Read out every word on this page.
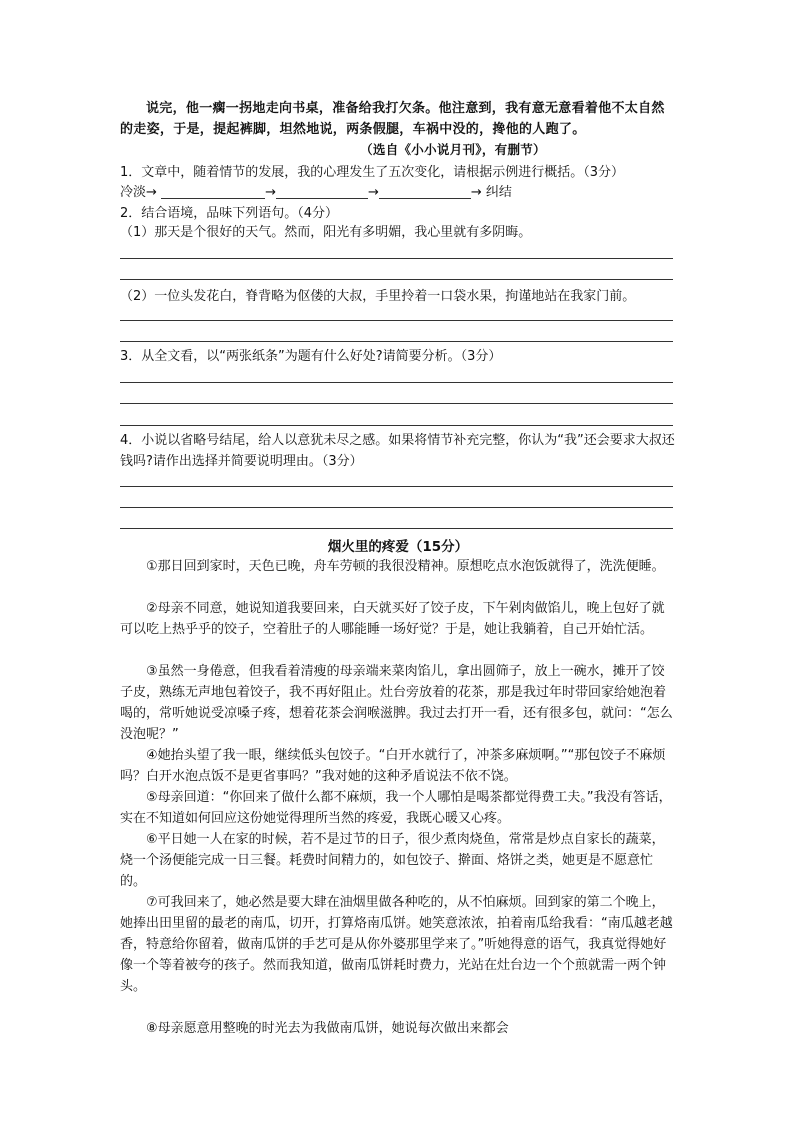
说完，他一瘸一拐地走向书桌，准备给我打欠条。他注意到，我有意无意看着他不太自然的走姿，于是，提起裤脚，坦然地说，两条假腿，车祸中没的，搀他的人跑了。

（选自《小小说月刊》，有删节）

1．文章中，随着情节的发展，我的心理发生了五次变化，请根据示例进行概括。（3分）

冷淡→	→	→	→ 纠结

2．结合语境，品味下列语句。（4分）

（1）那天是个很好的天气。然而，阳光有多明媚，我心里就有多阴晦。

（2）一位头发花白，脊背略为伛偻的大叔，手里拎着一口袋水果，拘谨地站在我家门前。

3．从全文看，以“两张纸条”为题有什么好处?请简要分析。（3分）

4．小说以省略号结尾，给人以意犹未尽之感。如果将情节补充完整，你认为“我”还会要求大叔还钱吗?请作出选择并简要说明理由。（3分）

烟火里的疼爱（15分）

①那日回到家时，天色已晚，舟车劳顿的我很没精神。原想吃点水泡饭就得了，洗洗便睡。

②母亲不同意，她说知道我要回来，白天就买好了饺子皮，下午剁肉做馅儿，晚上包好了就可以吃上热乎乎的饺子，空着肚子的人哪能睡一场好觉？于是，她让我躺着，自己开始忙活。

③虽然一身倦意，但我看着清瘦的母亲端来菜肉馅儿，拿出圆筛子，放上一碗水，摊开了饺子皮，熟练无声地包着饺子，我不再好阻止。灶台旁放着的花茶，那是我过年时带回家给她泡着喝的，常听她说受凉嗓子疼，想着花茶会润喉滋脾。我过去打开一看，还有很多包，就问：“怎么没泡呢？”

④她抬头望了我一眼，继续低头包饺子。“白开水就行了，冲茶多麻烦啊。”“那包饺子不麻烦吗？白开水泡点饭不是更省事吗？”我对她的这种矛盾说法不依不饶。

⑤母亲回道：“你回来了做什么都不麻烦，我一个人哪怕是喝茶都觉得费工夫。”我没有答话，实在不知道如何回应这份她觉得理所当然的疼爱，我既心暖又心疼。

⑥平日她一人在家的时候，若不是过节的日子，很少煮肉烧鱼，常常是炒点自家长的蔬菜，烧一个汤便能完成一日三餐。耗费时间精力的，如包饺子、擀面、烙饼之类，她更是不愿意忙的。

⑦可我回来了，她必然是要大肆在油烟里做各种吃的，从不怕麻烦。回到家的第二个晚上，她捧出田里留的最老的南瓜，切开，打算烙南瓜饼。她笑意浓浓，拍着南瓜给我看：“南瓜越老越香，特意给你留着，做南瓜饼的手艺可是从你外婆那里学来了。”听她得意的语气，我真觉得她好像一个等着被夸的孩子。然而我知道，做南瓜饼耗时费力，光站在灶台边一个个煎就需一两个钟头。

⑧母亲愿意用整晚的时光去为我做南瓜饼，她说每次做出来都会
